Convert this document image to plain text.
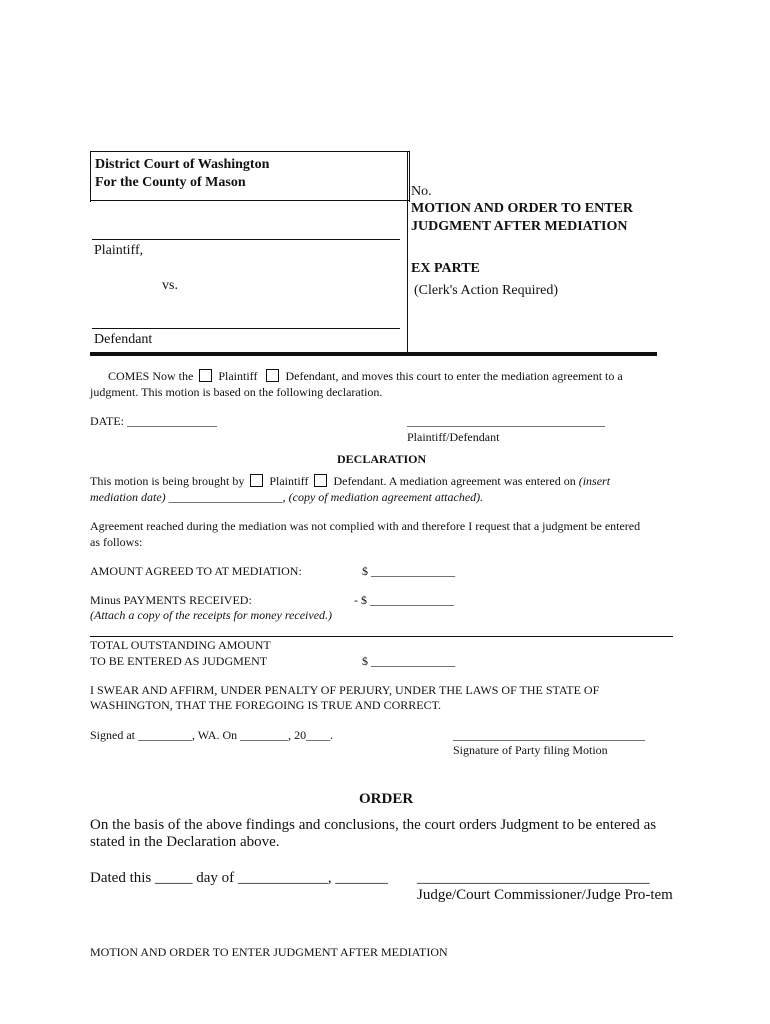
District Court of Washington
For the County of Mason
Plaintiff,
vs.
Defendant
No.
MOTION AND ORDER TO ENTER
JUDGMENT AFTER MEDIATION
EX PARTE
(Clerk's Action Required)
COMES Now the Plaintiff Defendant, and moves this court to enter the mediation agreement to a
judgment. This motion is based on the following declaration.
DATE: _______________	_________________________________
Plaintiff/Defendant
DECLARATION
This motion is being brought by Plaintiff Defendant. A mediation agreement was entered on (insert
mediation date) ___________________, (copy of mediation agreement attached).
Agreement reached during the mediation was not complied with and therefore I request that a judgment be entered
as follows:
AMOUNT AGREED TO AT MEDIATION:	$ ______________
Minus PAYMENTS RECEIVED:	- $ ______________
(Attach a copy of the receipts for money received.)
TOTAL OUTSTANDING AMOUNT
TO BE ENTERED AS JUDGMENT	$ ______________
I SWEAR AND AFFIRM, UNDER PENALTY OF PERJURY, UNDER THE LAWS OF THE STATE OF
WASHINGTON, THAT THE FOREGOING IS TRUE AND CORRECT.
Signed at _________, WA. On ________, 20____.	________________________________
Signature of Party filing Motion
ORDER
On the basis of the above findings and conclusions, the court orders Judgment to be entered as
stated in the Declaration above.
Dated this _____ day of ____________, _______ _______________________________
Judge/Court Commissioner/Judge Pro-tem
MOTION AND ORDER TO ENTER JUDGMENT AFTER MEDIATION
